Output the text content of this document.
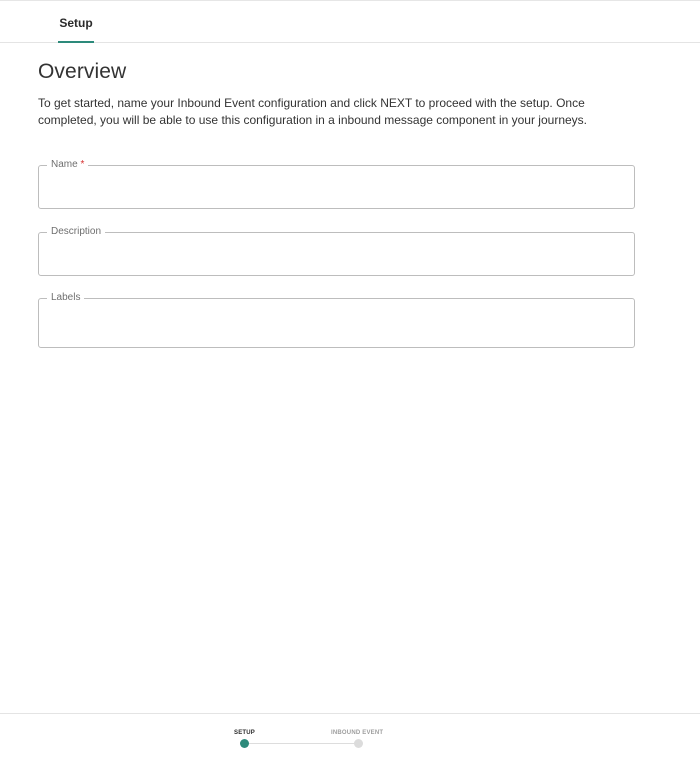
Setup
Overview

To get started, name your Inbound Event configuration and click NEXT to proceed with the setup. Once
completed, you will be able to use this configuration in a inbound message component in your journeys.

Name *
Description
Labels
SETUP	INBOUND EVENT
